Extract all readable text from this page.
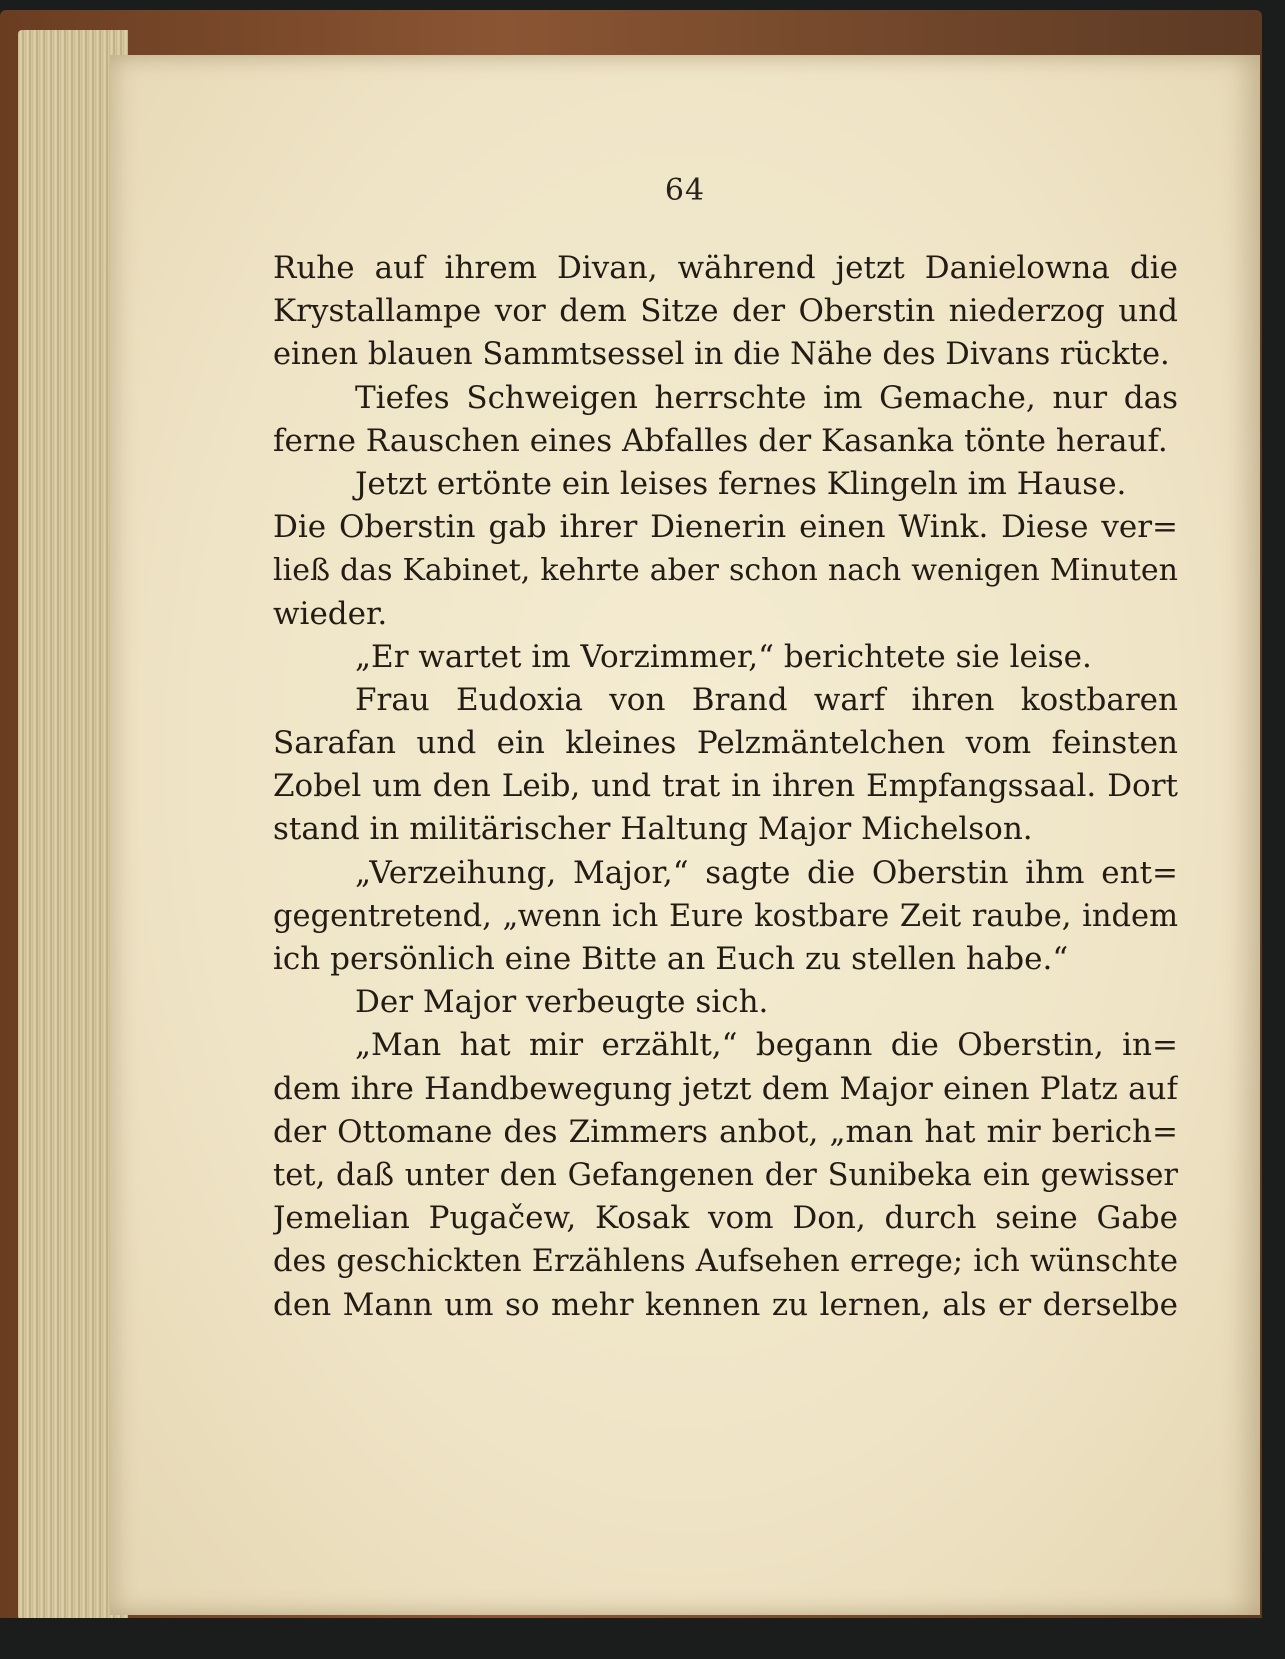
64
Ruhe auf ihrem Divan, während jetzt Danielowna die
Krystallampe vor dem Sitze der Oberstin niederzog und
einen blauen Sammtsessel in die Nähe des Divans rückte.
Tiefes Schweigen herrschte im Gemache, nur das
ferne Rauschen eines Abfalles der Kasanka tönte herauf.
Jetzt ertönte ein leises fernes Klingeln im Hause.
Die Oberstin gab ihrer Dienerin einen Wink. Diese ver=
ließ das Kabinet, kehrte aber schon nach wenigen Minuten
wieder.
„Er wartet im Vorzimmer,“ berichtete sie leise.
Frau Eudoxia von Brand warf ihren kostbaren
Sarafan und ein kleines Pelzmäntelchen vom feinsten
Zobel um den Leib, und trat in ihren Empfangssaal. Dort
stand in militärischer Haltung Major Michelson.
„Verzeihung, Major,“ sagte die Oberstin ihm ent=
gegentretend, „wenn ich Eure kostbare Zeit raube, indem
ich persönlich eine Bitte an Euch zu stellen habe.“
Der Major verbeugte sich.
„Man hat mir erzählt,“ begann die Oberstin, in=
dem ihre Handbewegung jetzt dem Major einen Platz auf
der Ottomane des Zimmers anbot, „man hat mir berich=
tet, daß unter den Gefangenen der Sunibeka ein gewisser
Jemelian Pugačew, Kosak vom Don, durch seine Gabe
des geschickten Erzählens Aufsehen errege; ich wünschte
den Mann um so mehr kennen zu lernen, als er derselbe
